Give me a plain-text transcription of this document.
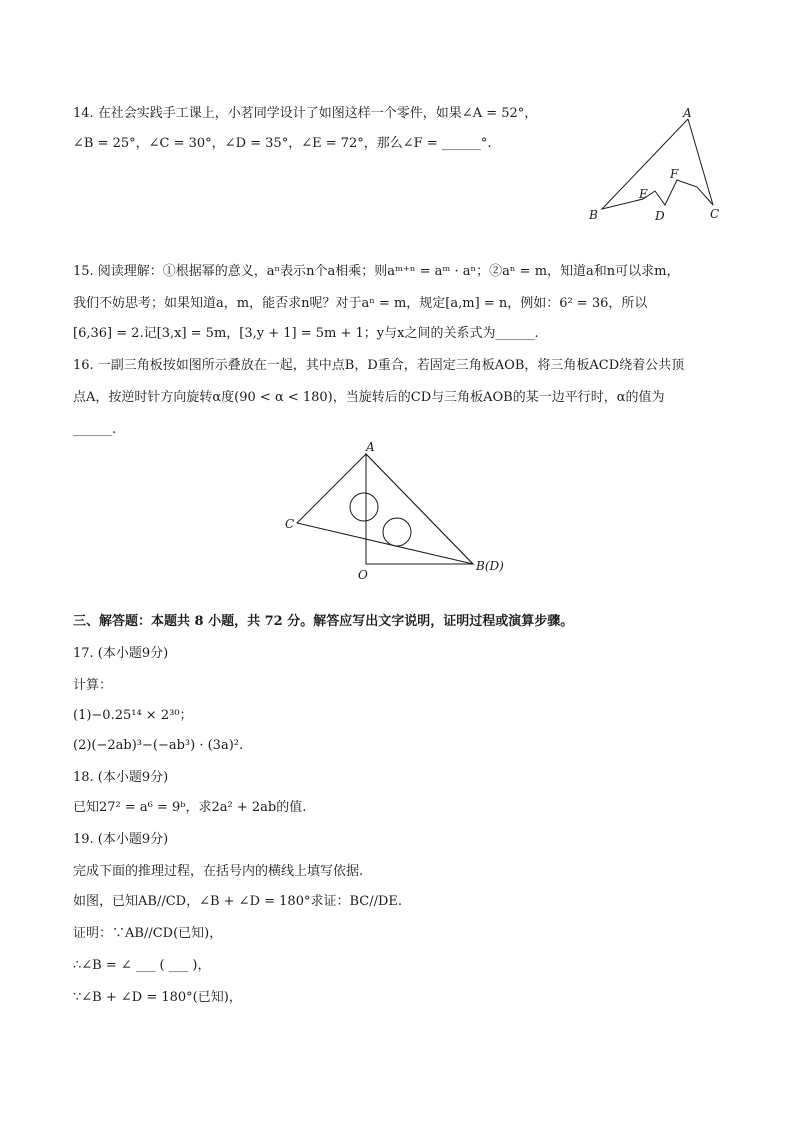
14. 在社会实践手工课上，小茗同学设计了如图这样一个零件，如果∠A = 52°，
∠B = 25°，∠C = 30°，∠D = 35°，∠E = 72°，那么∠F = ______°.
A
B	C
D
E
F
15. 阅读理解：①根据幂的意义，aⁿ表示n个a相乘；则aᵐ⁺ⁿ = aᵐ · aⁿ；②aⁿ = m，知道a和n可以求m，
我们不妨思考；如果知道a，m，能否求n呢？对于aⁿ = m，规定[a,m] = n，例如：6² = 36，所以
[6,36] = 2.记[3,x] = 5m，[3,y + 1] = 5m + 1；y与x之间的关系式为______.
16. 一副三角板按如图所示叠放在一起，其中点B，D重合，若固定三角板AOB，将三角板ACD绕着公共顶
点A，按逆时针方向旋转α度(90 < α < 180)，当旋转后的CD与三角板AOB的某一边平行时，α的值为
______.
A
C
O
B(D)
三、解答题：本题共 8 小题，共 72 分。解答应写出文字说明，证明过程或演算步骤。
17. (本小题9分)
计算：
(1)−0.25¹⁴ × 2³⁰；
(2)(−2ab)³−(−ab³) · (3a)².
18. (本小题9分)
已知27² = a⁶ = 9ᵇ，求2a² + 2ab的值.
19. (本小题9分)
完成下面的推理过程，在括号内的横线上填写依据.
如图，已知AB//CD，∠B + ∠D = 180°求证：BC//DE.
证明：∵AB//CD(已知)，
∴∠B = ∠ ___ ( ___ )，
∵∠B + ∠D = 180°(已知)，
